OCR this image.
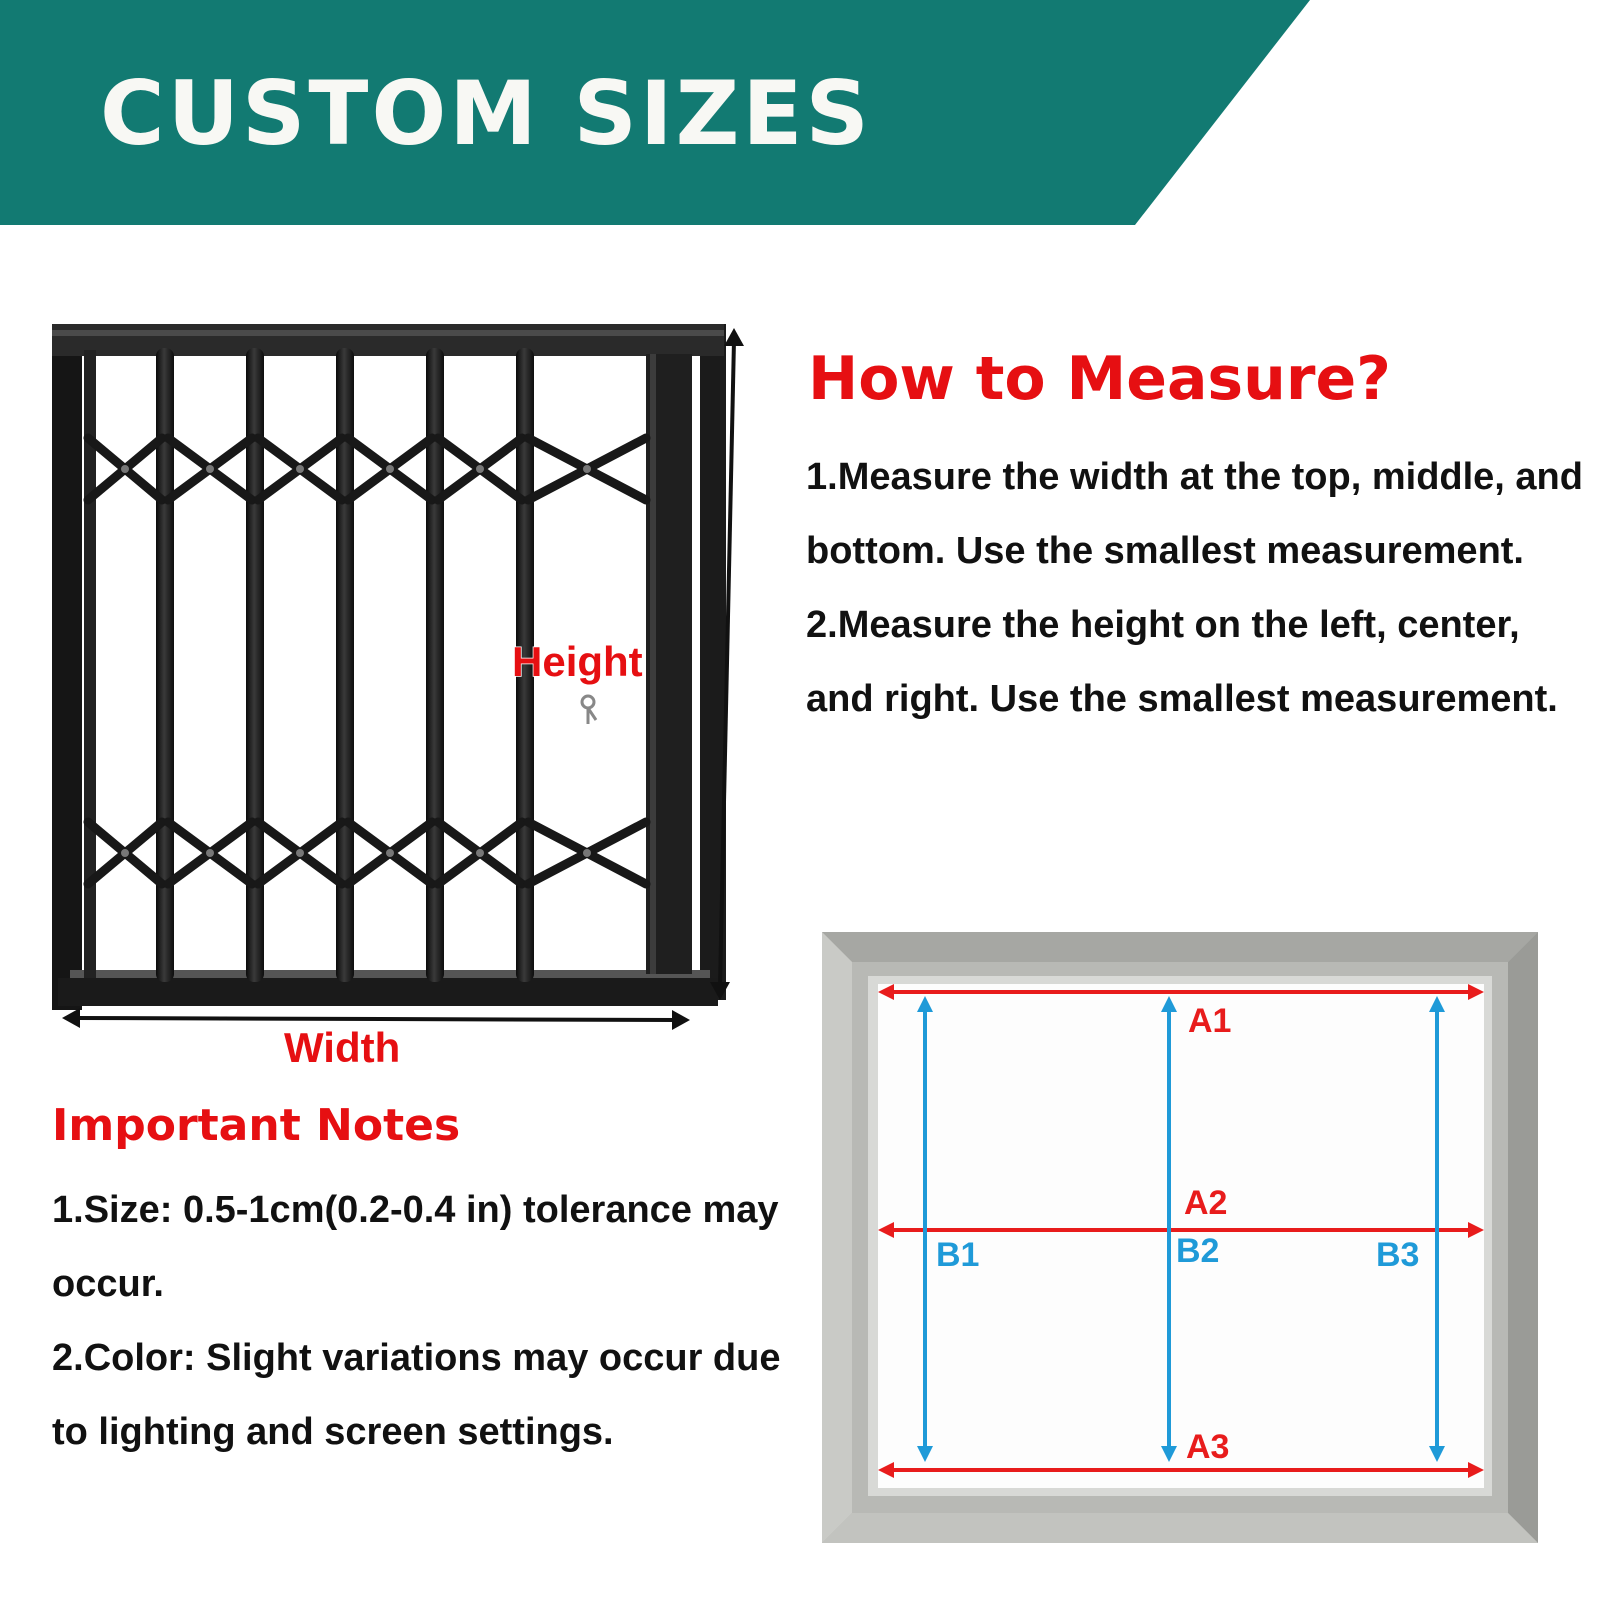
CUSTOM SIZES
Height
Width
How to Measure?

1.Measure the width at the top, middle, and bottom. Use the smallest measurement.

2.Measure the height on the left, center, and right. Use the smallest measurement.

Important Notes

1.Size: 0.5-1cm(0.2-0.4 in) tolerance may occur.

2.Color: Slight variations may occur due to lighting and screen settings.

A1
A2
A3
B1	B2	B3
